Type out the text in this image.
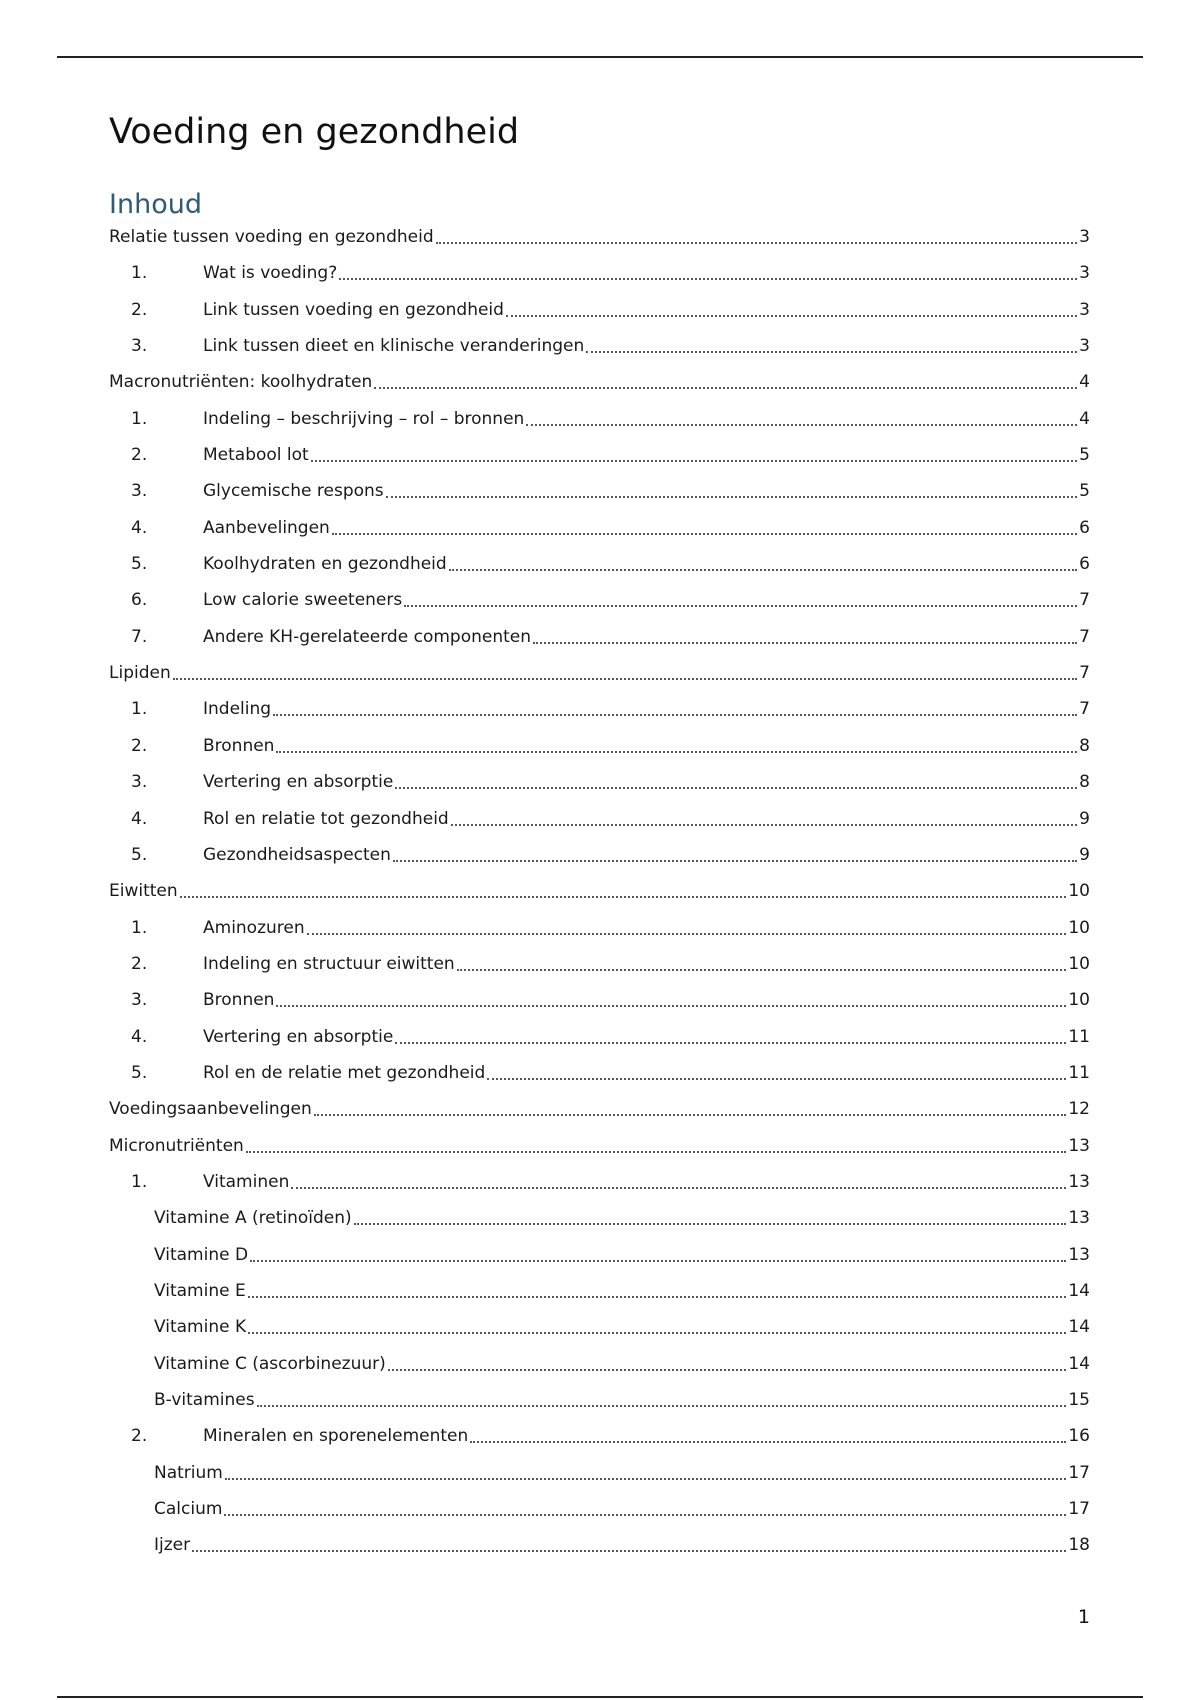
Voeding en gezondheid
Inhoud
Relatie tussen voeding en gezondheid	3
1.	Wat is voeding?	3
2.	Link tussen voeding en gezondheid	3
3.	Link tussen dieet en klinische veranderingen	3
Macronutriënten: koolhydraten	4
1.	Indeling – beschrijving – rol – bronnen	4
2.	Metabool lot	5
3.	Glycemische respons	5
4.	Aanbevelingen	6
5.	Koolhydraten en gezondheid	6
6.	Low calorie sweeteners	7
7.	Andere KH-gerelateerde componenten	7
Lipiden	7
1.	Indeling	7
2.	Bronnen	8
3.	Vertering en absorptie	8
4.	Rol en relatie tot gezondheid	9
5.	Gezondheidsaspecten	9
Eiwitten	10
1.	Aminozuren	10
2.	Indeling en structuur eiwitten	10
3.	Bronnen	10
4.	Vertering en absorptie	11
5.	Rol en de relatie met gezondheid	11
Voedingsaanbevelingen	12
Micronutriënten	13
1.	Vitaminen	13
Vitamine A (retinoïden)	13
Vitamine D	13
Vitamine E	14
Vitamine K	14
Vitamine C (ascorbinezuur)	14
B-vitamines	15
2.	Mineralen en sporenelementen	16
Natrium	17
Calcium	17
Ijzer	18
1
